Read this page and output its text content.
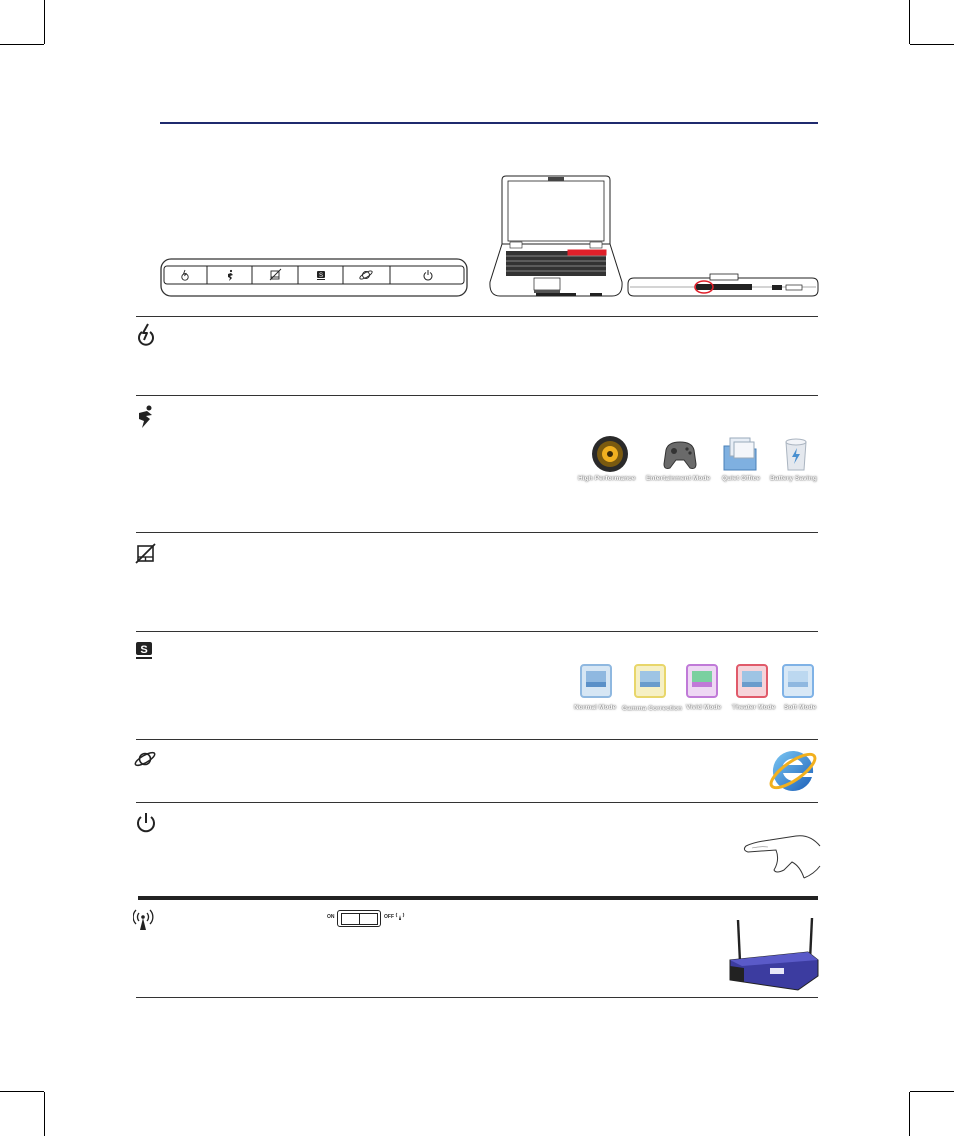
S
High Performance Entertainment Mode Quiet Office Battery Saving
S
Normal Mode Gamma Correction Vivid Mode Theater Mode Soft Mode
ON	OFF
